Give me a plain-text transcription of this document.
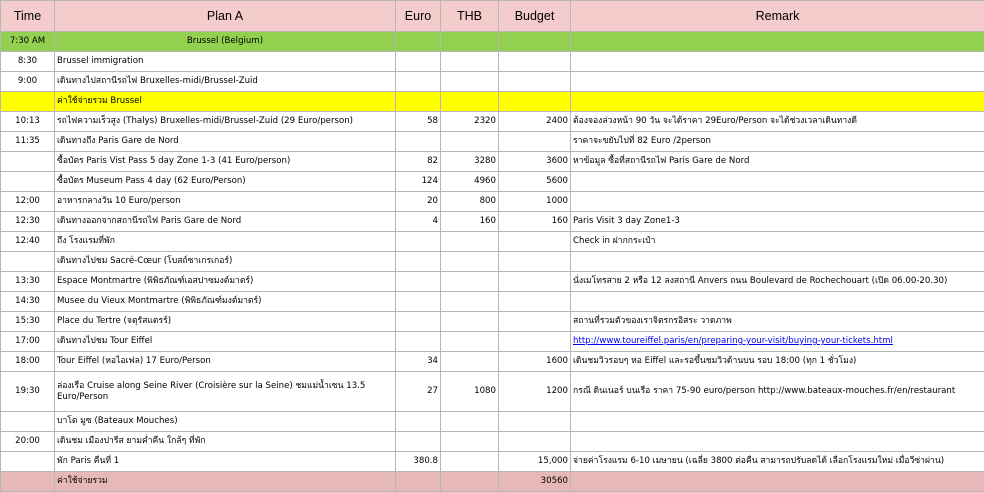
Time	Plan A	Euro	THB	Budget	Remark
7:30 AM	Brussel (Belgium)				
8:30	Brussel immigration				
9:00	เดินทางไปสถานีรถไฟ Bruxelles-midi/Brussel-Zuid				
	ค่าใช้จ่ายรวม Brussel				
10:13	รถไฟความเร็วสูง (Thalys) Bruxelles-midi/Brussel-Zuid (29 Euro/person)	58	2320	2400	ต้องจองล่วงหน้า 90 วัน จะได้ราคา 29Euro/Person จะได้ช่วงเวลาเดินทางดี
11:35	เดินทางถึง Paris Gare de Nord				ราคาจะขยับไปที่ 82 Euro /2person
	ซื้อบัตร Paris Vist Pass 5 day Zone 1-3 (41 Euro/person)	82	3280	3600	หาข้อมูล ซื้อที่สถานีรถไฟ Paris Gare de Nord
	ซื้อบัตร Museum Pass 4 day (62 Euro/Person)	124	4960	5600	
12:00	อาหารกลางวัน 10 Euro/person	20	800	1000	
12:30	เดินทางออกจากสถานีรถไฟ Paris Gare de Nord	4	160	160	Paris Visit 3 day Zone1-3
12:40	ถึง โรงแรมที่พัก				Check in ฝากกระเป๋า
	เดินทางไปชม Sacré-Cœur (โบสถ์ซาเกรเกอร์)				
13:30	Espace Montmartre (พิพิธภัณฑ์เอสปาซมงต์มาตร์)				นั่งเมโทรสาย 2 หรือ 12 ลงสถานี Anvers ถนน Boulevard de Rochechouart (เปิด 06.00-20.30)
14:30	Musee du Vieux Montmartre (พิพิธภัณฑ์มงต์มาตร์)				
15:30	Place du Tertre (จตุรัสแตรร์)				สถานที่รวมตัวของเราจิตรกรอิสระ วาดภาพ
17:00	เดินทางไปชม Tour Eiffel				http://www.toureiffel.paris/en/preparing-your-visit/buying-your-tickets.html
18:00	Tour Eiffel (หอไอเฟล) 17 Euro/Person	34		1600	เดินชมวิวรอบๆ หอ Eiffel และรอขึ้นชมวิวด้านบน รอบ 18:00 (ทุก 1 ชั่วโมง)
19:30	ล่องเรือ Cruise along Seine River (Croisière sur la Seine) ชมแม่น้ำเซน 13.5 Euro/Person	27	1080	1200	กรณี ดินเนอร์ บนเรือ ราคา 75-90 euro/person http://www.bateaux-mouches.fr/en/restaurant
	บาโต มูซ (Bateaux Mouches)				
20:00	เดินชม เมืองปารีส ยามค่ำคืน ใกล้ๆ ที่พัก				
	พัก Paris คืนที่ 1	380.8		15,000	จ่ายค่าโรงแรม 6-10 เมษายน (เฉลี่ย 3800 ต่อคืน สามารถปรับลดได้ เลือกโรงแรมใหม่ เมื่อวีซ่าผ่าน)
	ค่าใช้จ่ายรวม			30560	
